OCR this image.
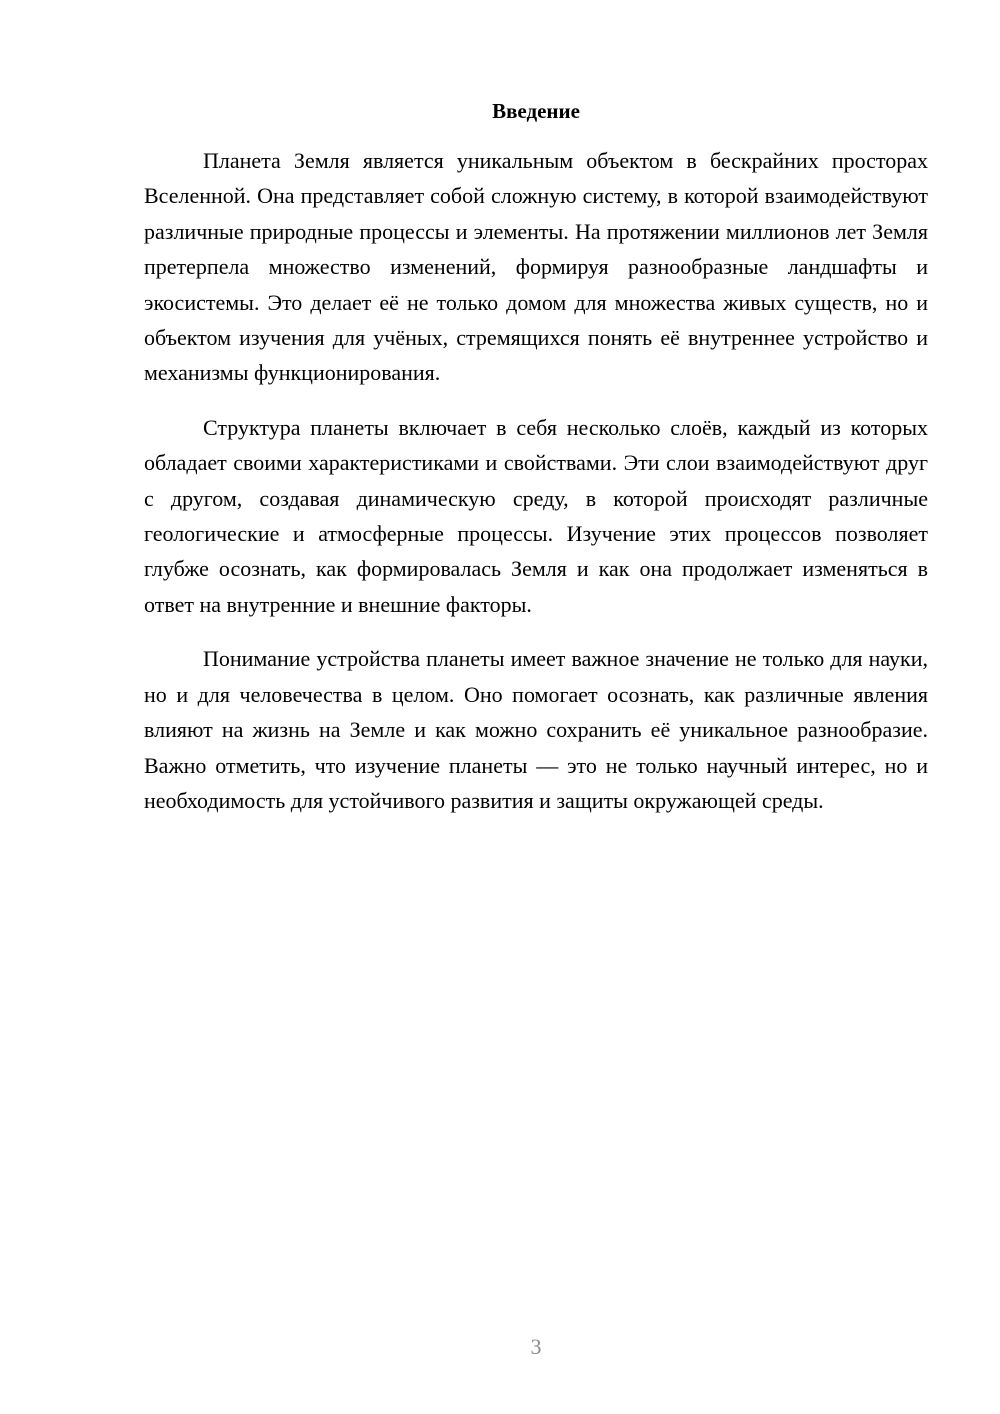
Введение

Планета Земля является уникальным объектом в бескрайних просторах Вселенной. Она представляет собой сложную систему, в которой взаимодействуют различные природные процессы и элементы. На протяжении миллионов лет Земля претерпела множество изменений, формируя разнообразные ландшафты и экосистемы. Это делает её не только домом для множества живых существ, но и объектом изучения для учёных, стремящихся понять её внутреннее устройство и механизмы функционирования.

Структура планеты включает в себя несколько слоёв, каждый из которых обладает своими характеристиками и свойствами. Эти слои взаимодействуют друг с другом, создавая динамическую среду, в которой происходят различные геологические и атмосферные процессы. Изучение этих процессов позволяет глубже осознать, как формировалась Земля и как она продолжает изменяться в ответ на внутренние и внешние факторы.

Понимание устройства планеты имеет важное значение не только для науки, но и для человечества в целом. Оно помогает осознать, как различные явления влияют на жизнь на Земле и как можно сохранить её уникальное разнообразие. Важно отметить, что изучение планеты — это не только научный интерес, но и необходимость для устойчивого развития и защиты окружающей среды.

3
